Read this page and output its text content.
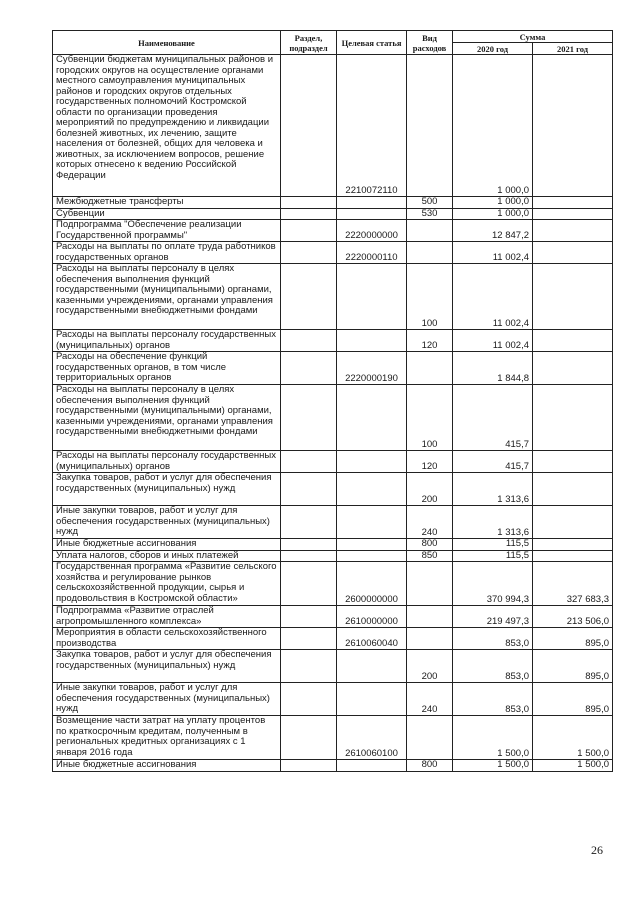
Наименование	Раздел, подраздел	Целевая статья	Вид расходов	Сумма	
				2020 год	2021 год
Субвенции бюджетам муниципальных районов и городских округов на осуществление органами местного самоуправления муниципальных районов и городских округов отдельных государственных полномочий Костромской области по организации проведения мероприятий по предупреждению и ликвидации болезней животных, их лечению, защите населения от болезней, общих для человека и животных, за исключением вопросов, решение которых отнесено к ведению Российской Федерации		2210072110		1 000,0	
Межбюджетные трансферты			500	1 000,0	
Субвенции			530	1 000,0	
Подпрограмма "Обеспечение реализации Государственной программы"		2220000000		12 847,2	
Расходы на выплаты по оплате труда работников государственных органов		2220000110		11 002,4	
Расходы на выплаты персоналу в целях обеспечения выполнения функций государственными (муниципальными) органами, казенными учреждениями, органами управления государственными внебюджетными фондами			100	11 002,4	
Расходы на выплаты персоналу государственных (муниципальных) органов			120	11 002,4	
Расходы на обеспечение функций государственных органов, в том числе территориальных органов		2220000190		1 844,8	
Расходы на выплаты персоналу в целях обеспечения выполнения функций государственными (муниципальными) органами, казенными учреждениями, органами управления государственными внебюджетными фондами			100	415,7	
Расходы на выплаты персоналу государственных (муниципальных) органов			120	415,7	
Закупка товаров, работ и услуг для обеспечения государственных (муниципальных) нужд			200	1 313,6	
Иные закупки товаров, работ и услуг для обеспечения государственных (муниципальных) нужд			240	1 313,6	
Иные бюджетные ассигнования			800	115,5	
Уплата налогов, сборов и иных платежей			850	115,5	
Государственная программа «Развитие сельского хозяйства и регулирование рынков сельскохозяйственной продукции, сырья и продовольствия в Костромской области»		2600000000		370 994,3	327 683,3
Подпрограмма «Развитие отраслей агропромышленного комплекса»		2610000000		219 497,3	213 506,0
Мероприятия в области сельскохозяйственного производства		2610060040		853,0	895,0
Закупка товаров, работ и услуг для обеспечения государственных (муниципальных) нужд			200	853,0	895,0
Иные закупки товаров, работ и услуг для обеспечения государственных (муниципальных) нужд			240	853,0	895,0
Возмещение части затрат на уплату процентов по краткосрочным кредитам, полученным в региональных кредитных организациях с 1 января 2016 года		2610060100		1 500,0	1 500,0
Иные бюджетные ассигнования			800	1 500,0	1 500,0
26
